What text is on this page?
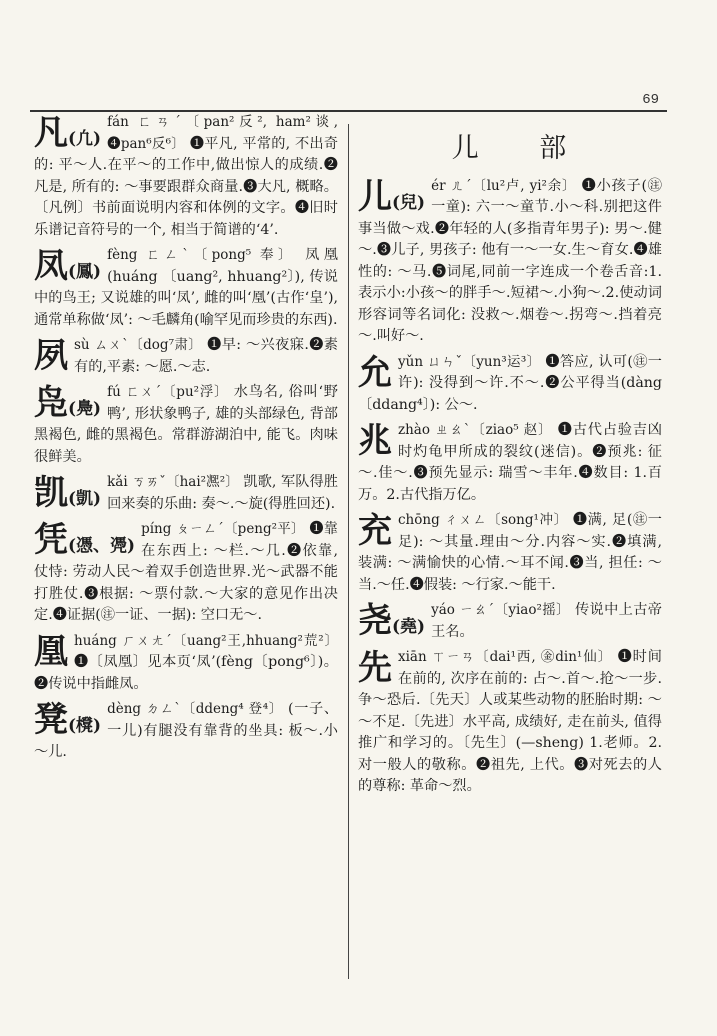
69
凡(凢)
fán ㄈㄢˊ〔pan²反², ham²谈, ❹pan⁶反⁶〕 ❶平凡, 平常的, 不出奇的: 平～人.在平～的工作中,做出惊人的成绩.❷凡是, 所有的: ～事要跟群众商量.❸大凡, 概略。〔凡例〕书前面说明内容和体例的文字。❹旧时乐谱记音符号的一个, 相当于简谱的‘4’.
凤(鳳)
fèng ㄈㄥˋ〔pong⁵ 奉〕 凤凰(huáng 〔uang², hhuang²〕), 传说中的鸟王; 又说雄的叫‘凤’, 雌的叫‘凰’(古作‘皇’), 通常单称做‘凤’: ～毛麟角(喻罕见而珍贵的东西).
夙 sù ㄙㄨˋ〔dog⁷肃〕 ❶早: ～兴夜寐.❷素有的,平素: ～愿.～志.
凫(鳧)
fú ㄈㄨˊ〔pu²浮〕 水鸟名, 俗叫‘野鸭’, 形状象鸭子, 雄的头部绿色, 背部黑褐色, 雌的黑褐色。常群游湖泊中, 能飞。肉味很鲜美。
凯(凱)
kǎi ㄎㄞˇ〔hai²凞²〕 凯歌, 军队得胜回来奏的乐曲: 奏～.～旋(得胜回还).
凭(憑、凴)
píng ㄆㄧㄥˊ〔peng²平〕 ❶靠在东西上: ～栏.～几.❷依靠, 仗恃: 劳动人民～着双手创造世界.光～武器不能打胜仗.❸根据: ～票付款.～大家的意见作出决定.❹证据(㊟一证、一据): 空口无～.
凰 huáng ㄏㄨㄤˊ〔uang²王,hhuang²荒²〕 ❶〔凤凰〕见本页‘凤’(fèng〔pong⁶〕)。❷传说中指雌凤。
凳(櫈)
dèng ㄉㄥˋ〔ddeng⁴ 登⁴〕 (一子、一儿)有腿没有靠背的坐具: 板～.小～儿.
儿 部
儿(兒)
ér ㄦˊ〔lu²卢, yi²余〕 ❶小孩子(㊟一童): 六一～童节.小～科.别把这件事当做～戏.❷年轻的人(多指青年男子): 男～.健～.❸儿子, 男孩子: 他有一～一女.生～育女.❹雄性的: ～马.❺词尾,同前一字连成一个卷舌音:1.表示小:小孩～的胖手～.短裙～.小狗～.2.使动词形容词等名词化: 没救～.烟卷～.拐弯～.挡着亮～.叫好～.
允 yǔn ㄩㄣˇ〔yun³运³〕 ❶答应, 认可(㊟一许): 没得到～许.不～.❷公平得当(dàng〔ddang⁴〕): 公～.
兆 zhào ㄓㄠˋ〔ziao⁵ 赵〕 ❶古代占验吉凶时灼龟甲所成的裂纹(迷信)。❷预兆: 征～.佳～.❸预先显示: 瑞雪～丰年.❹数目: 1.百万。2.古代指万亿。
充 chōng ㄔㄨㄥ〔song¹冲〕 ❶满, 足(㊟一足): ～其量.理由～分.内容～实.❷填满, 装满: ～满愉快的心情.～耳不闻.❸当, 担任: ～当.～任.❹假装: ～行家.～能干.
尧(堯)
yáo ㄧㄠˊ〔yiao²摇〕 传说中上古帝王名。
先 xiān ㄒㄧㄢ〔dai¹西, ㊎din¹仙〕 ❶时间在前的, 次序在前的: 占～.首～.抢～一步.争～恐后.〔先天〕人或某些动物的胚胎时期: ～～不足.〔先进〕水平高, 成绩好, 走在前头, 值得推广和学习的。〔先生〕(—sheng) 1.老师。2.对一般人的敬称。❷祖先, 上代。❸对死去的人的尊称: 革命～烈。
